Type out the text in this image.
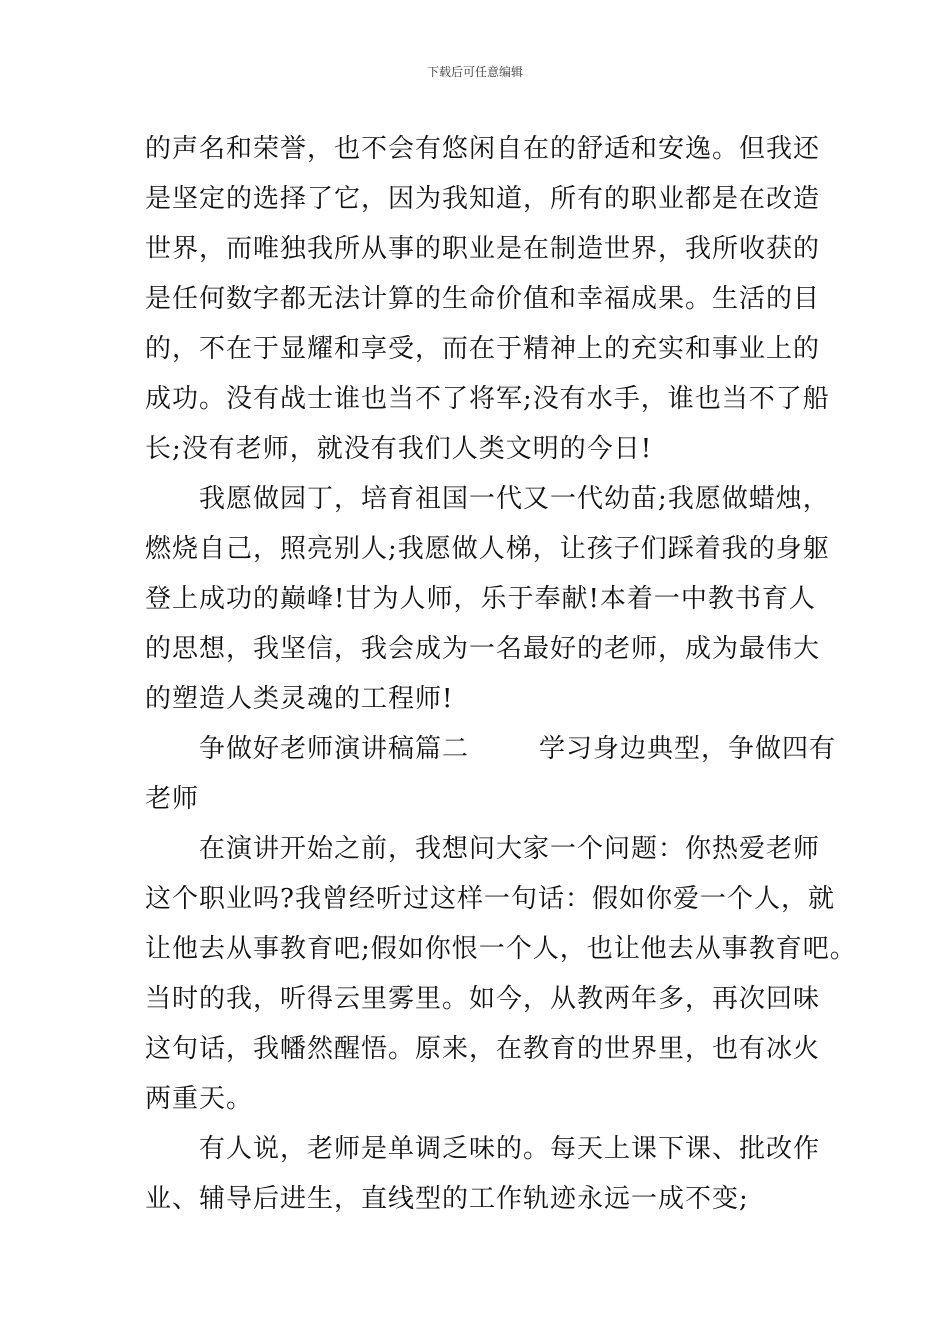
下载后可任意编辑
的声名和荣誉，也不会有悠闲自在的舒适和安逸。但我还
是坚定的选择了它，因为我知道，所有的职业都是在改造
世界，而唯独我所从事的职业是在制造世界，我所收获的
是任何数字都无法计算的生命价值和幸福成果。生活的目
的，不在于显耀和享受，而在于精神上的充实和事业上的
成功。没有战士谁也当不了将军;没有水手，谁也当不了船
长;没有老师，就没有我们人类文明的今日!
我愿做园丁，培育祖国一代又一代幼苗;我愿做蜡烛，
燃烧自己，照亮别人;我愿做人梯，让孩子们踩着我的身躯
登上成功的巅峰!甘为人师，乐于奉献!本着一中教书育人
的思想，我坚信，我会成为一名最好的老师，成为最伟大
的塑造人类灵魂的工程师!
争做好老师演讲稿篇二	学习身边典型，争做四有
老师
在演讲开始之前，我想问大家一个问题：你热爱老师
这个职业吗?我曾经听过这样一句话：假如你爱一个人，就
让他去从事教育吧;假如你恨一个人，也让他去从事教育吧。
当时的我，听得云里雾里。如今，从教两年多，再次回味
这句话，我幡然醒悟。原来，在教育的世界里，也有冰火
两重天。
有人说，老师是单调乏味的。每天上课下课、批改作
业、辅导后进生，直线型的工作轨迹永远一成不变;
